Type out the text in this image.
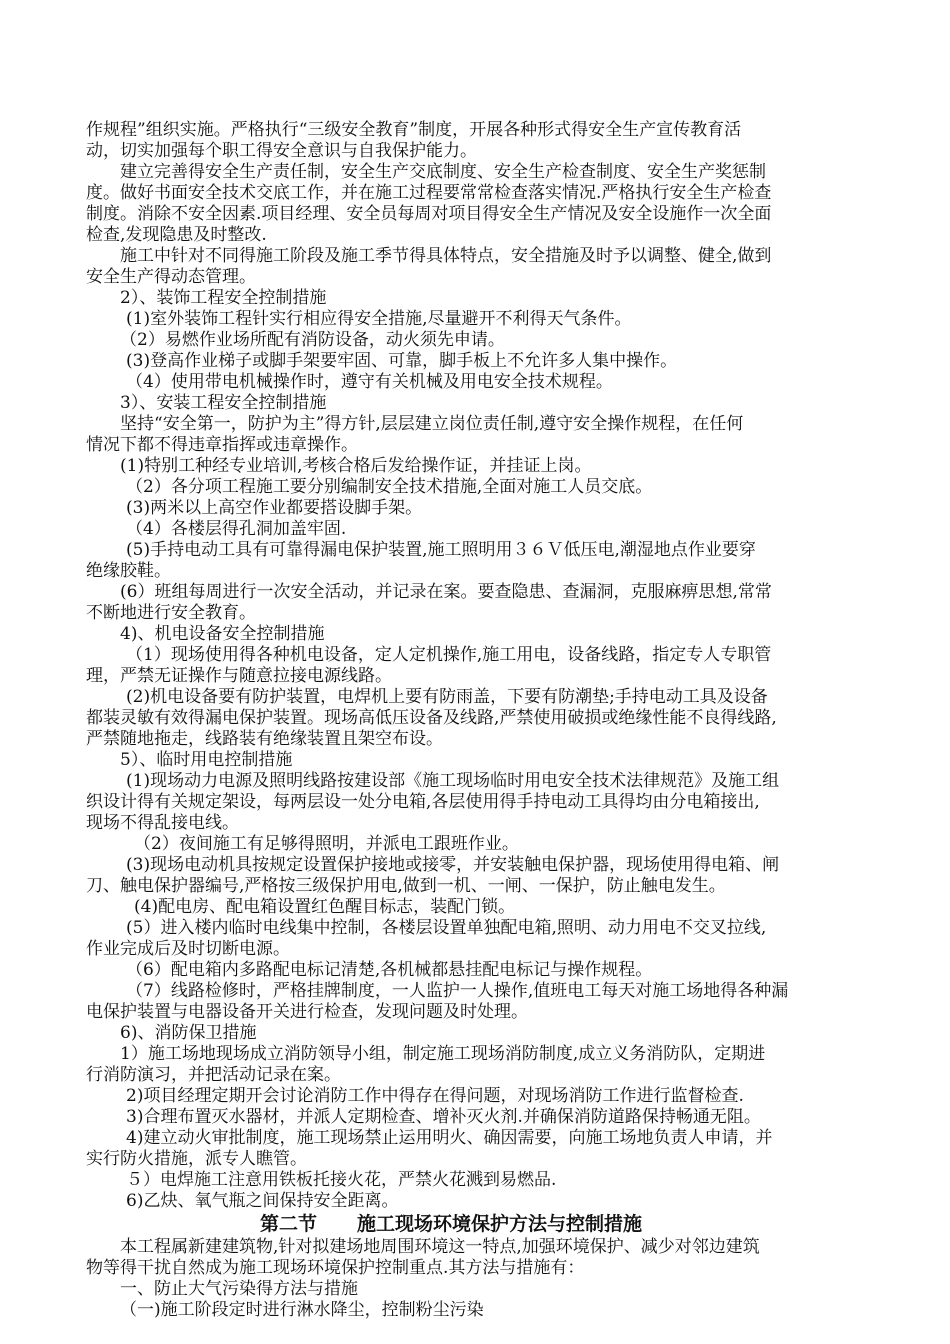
作规程”组织实施。严格执行“三级安全教育”制度，开展各种形式得安全生产宣传教育活
动，切实加强每个职工得安全意识与自我保护能力。
建立完善得安全生产责任制，安全生产交底制度、安全生产检查制度、安全生产奖惩制
度。做好书面安全技术交底工作，并在施工过程要常常检查落实情况.严格执行安全生产检查
制度。消除不安全因素.项目经理、安全员每周对项目得安全生产情况及安全设施作一次全面
检查,发现隐患及时整改.
施工中针对不同得施工阶段及施工季节得具体特点，安全措施及时予以调整、健全,做到
安全生产得动态管理。
2）、装饰工程安全控制措施
(1)室外装饰工程针实行相应得安全措施,尽量避开不利得天气条件。
（2）易燃作业场所配有消防设备，动火须先申请。
(3)登高作业梯子或脚手架要牢固、可靠，脚手板上不允许多人集中操作。
（4）使用带电机械操作时，遵守有关机械及用电安全技术规程。
3）、安装工程安全控制措施
坚持“安全第一，防护为主”得方针,层层建立岗位责任制,遵守安全操作规程，在任何
情况下都不得违章指挥或违章操作。
(1)特别工种经专业培训,考核合格后发给操作证，并挂证上岗。
（2）各分项工程施工要分别编制安全技术措施,全面对施工人员交底。
(3)两米以上高空作业都要搭设脚手架。
（4）各楼层得孔洞加盖牢固.
(5)手持电动工具有可靠得漏电保护装置,施工照明用３６Ｖ低压电,潮湿地点作业要穿
绝缘胶鞋。
(6）班组每周进行一次安全活动，并记录在案。要查隐患、查漏洞，克服麻痹思想,常常
不断地进行安全教育。
4)、机电设备安全控制措施
（1）现场使用得各种机电设备，定人定机操作,施工用电，设备线路，指定专人专职管
理，严禁无证操作与随意拉接电源线路。
(2)机电设备要有防护装置，电焊机上要有防雨盖，下要有防潮垫;手持电动工具及设备
都装灵敏有效得漏电保护装置。现场高低压设备及线路,严禁使用破损或绝缘性能不良得线路,
严禁随地拖走，线路装有绝缘装置且架空布设。
5）、临时用电控制措施
(1)现场动力电源及照明线路按建设部《施工现场临时用电安全技术法律规范》及施工组
织设计得有关规定架设，每两层设一处分电箱,各层使用得手持电动工具得均由分电箱接出,
现场不得乱接电线。
（2）夜间施工有足够得照明，并派电工跟班作业。
(3)现场电动机具按规定设置保护接地或接零，并安装触电保护器，现场使用得电箱、闸
刀、触电保护器编号,严格按三级保护用电,做到一机、一闸、一保护，防止触电发生。
(4)配电房、配电箱设置红色醒目标志，装配门锁。
(5）进入楼内临时电线集中控制，各楼层设置单独配电箱,照明、动力用电不交叉拉线,
作业完成后及时切断电源。
（6）配电箱内多路配电标记清楚,各机械都悬挂配电标记与操作规程。
（7）线路检修时，严格挂牌制度，一人监护一人操作,值班电工每天对施工场地得各种漏
电保护装置与电器设备开关进行检查，发现问题及时处理。
6)、消防保卫措施
1）施工场地现场成立消防领导小组，制定施工现场消防制度,成立义务消防队，定期进
行消防演习，并把活动记录在案。
2)项目经理定期开会讨论消防工作中得存在得问题，对现场消防工作进行监督检查.
3)合理布置灭水器材，并派人定期检查、增补灭火剂.并确保消防道路保持畅通无阻。
4)建立动火审批制度，施工现场禁止运用明火、确因需要，向施工场地负责人申请，并
实行防火措施，派专人瞧管。
５）电焊施工注意用铁板托接火花，严禁火花溅到易燃品.
6)乙炔、氧气瓶之间保持安全距离。
第二节 施工现场环境保护方法与控制措施
本工程属新建建筑物,针对拟建场地周围环境这一特点,加强环境保护、减少对邻边建筑
物等得干扰自然成为施工现场环境保护控制重点.其方法与措施有：
一、防止大气污染得方法与措施
（一)施工阶段定时进行淋水降尘，控制粉尘污染
